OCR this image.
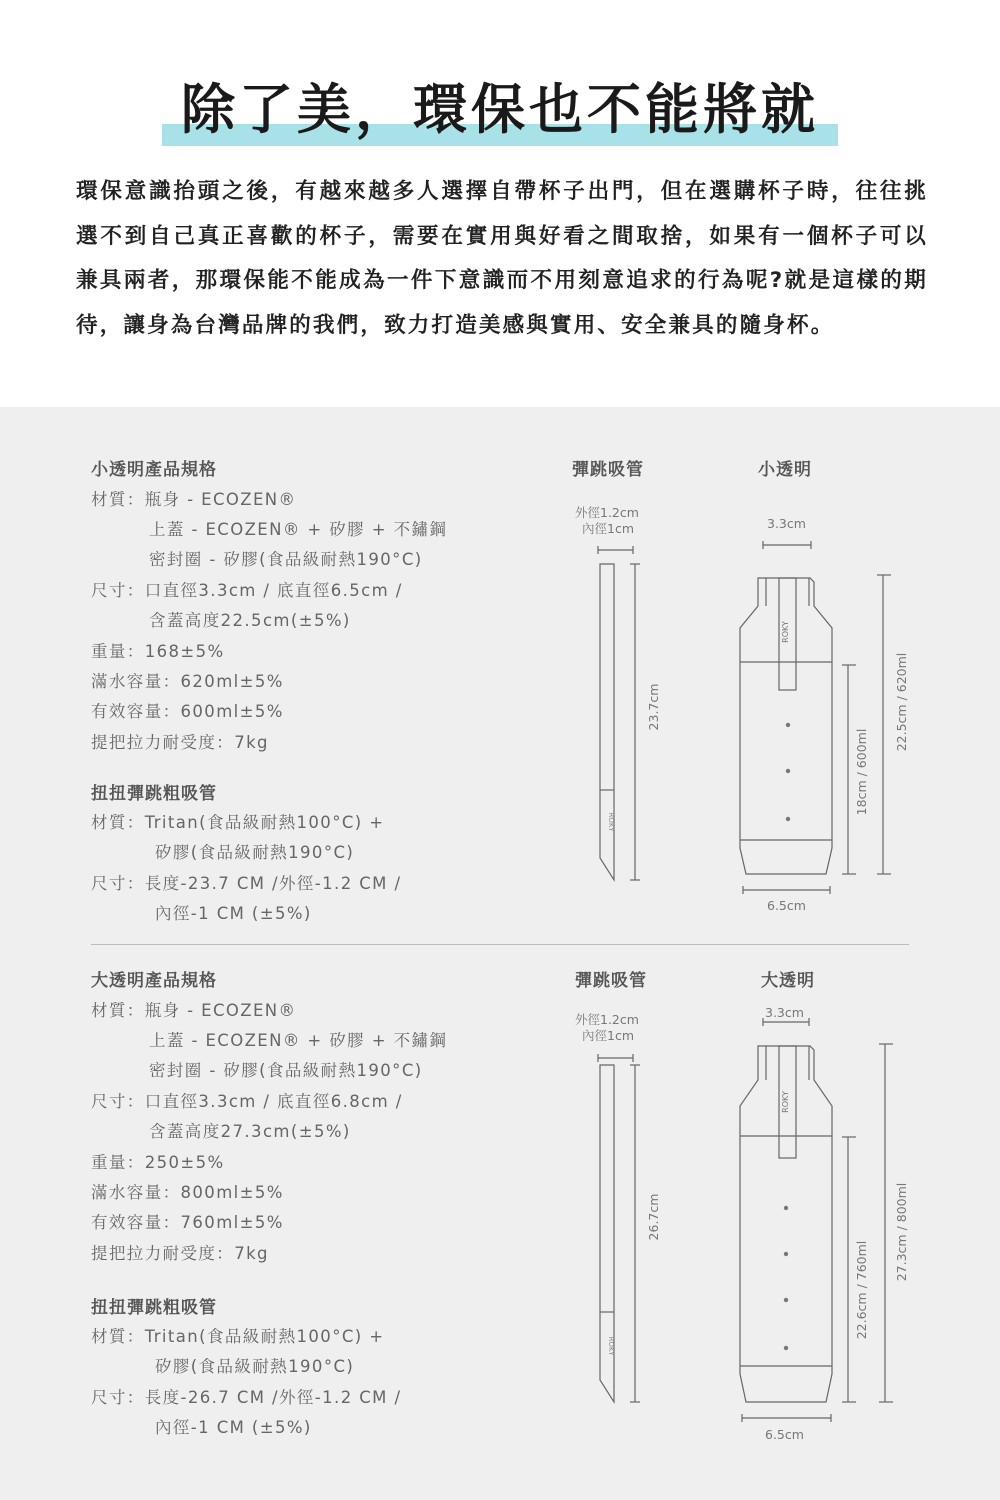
除了美，環保也不能將就

環保意識抬頭之後，有越來越多人選擇自帶杯子出門，但在選購杯子時，往往挑選不到自己真正喜歡的杯子，需要在實用與好看之間取捨，如果有一個杯子可以兼具兩者，那環保能不能成為一件下意識而不用刻意追求的行為呢?就是這樣的期待，讓身為台灣品牌的我們，致力打造美感與實用、安全兼具的隨身杯。

小透明產品規格
材質：瓶身 - ECOZEN®
上蓋 - ECOZEN® + 矽膠 + 不鏽鋼
密封圈 - 矽膠(食品級耐熱190°C)
尺寸：口直徑3.3cm / 底直徑6.5cm /
含蓋高度22.5cm(±5%)
重量：168±5%
滿水容量：620ml±5%
有效容量：600ml±5%
提把拉力耐受度：7kg
扭扭彈跳粗吸管
材質：Tritan(食品級耐熱100°C) +
矽膠(食品級耐熱190°C)
尺寸：長度-23.7 CM /外徑-1.2 CM /
內徑-1 CM (±5%)
彈跳吸管	小透明
外徑1.2cm
內徑1cm	3.3cm
6.5cm
23.7cm
ROKY
ROKY
18cm / 600ml
22.5cm / 620ml
大透明產品規格
材質：瓶身 - ECOZEN®
上蓋 - ECOZEN® + 矽膠 + 不鏽鋼
密封圈 - 矽膠(食品級耐熱190°C)
尺寸：口直徑3.3cm / 底直徑6.8cm /
含蓋高度27.3cm(±5%)
重量：250±5%
滿水容量：800ml±5%
有效容量：760ml±5%
提把拉力耐受度：7kg
扭扭彈跳粗吸管
材質：Tritan(食品級耐熱100°C) +
矽膠(食品級耐熱190°C)
尺寸：長度-26.7 CM /外徑-1.2 CM /
內徑-1 CM (±5%)
彈跳吸管	大透明
外徑1.2cm
內徑1cm
3.3cm
6.5cm
26.7cm
ROKY
ROKY
22.6cm / 760ml
27.3cm / 800ml
